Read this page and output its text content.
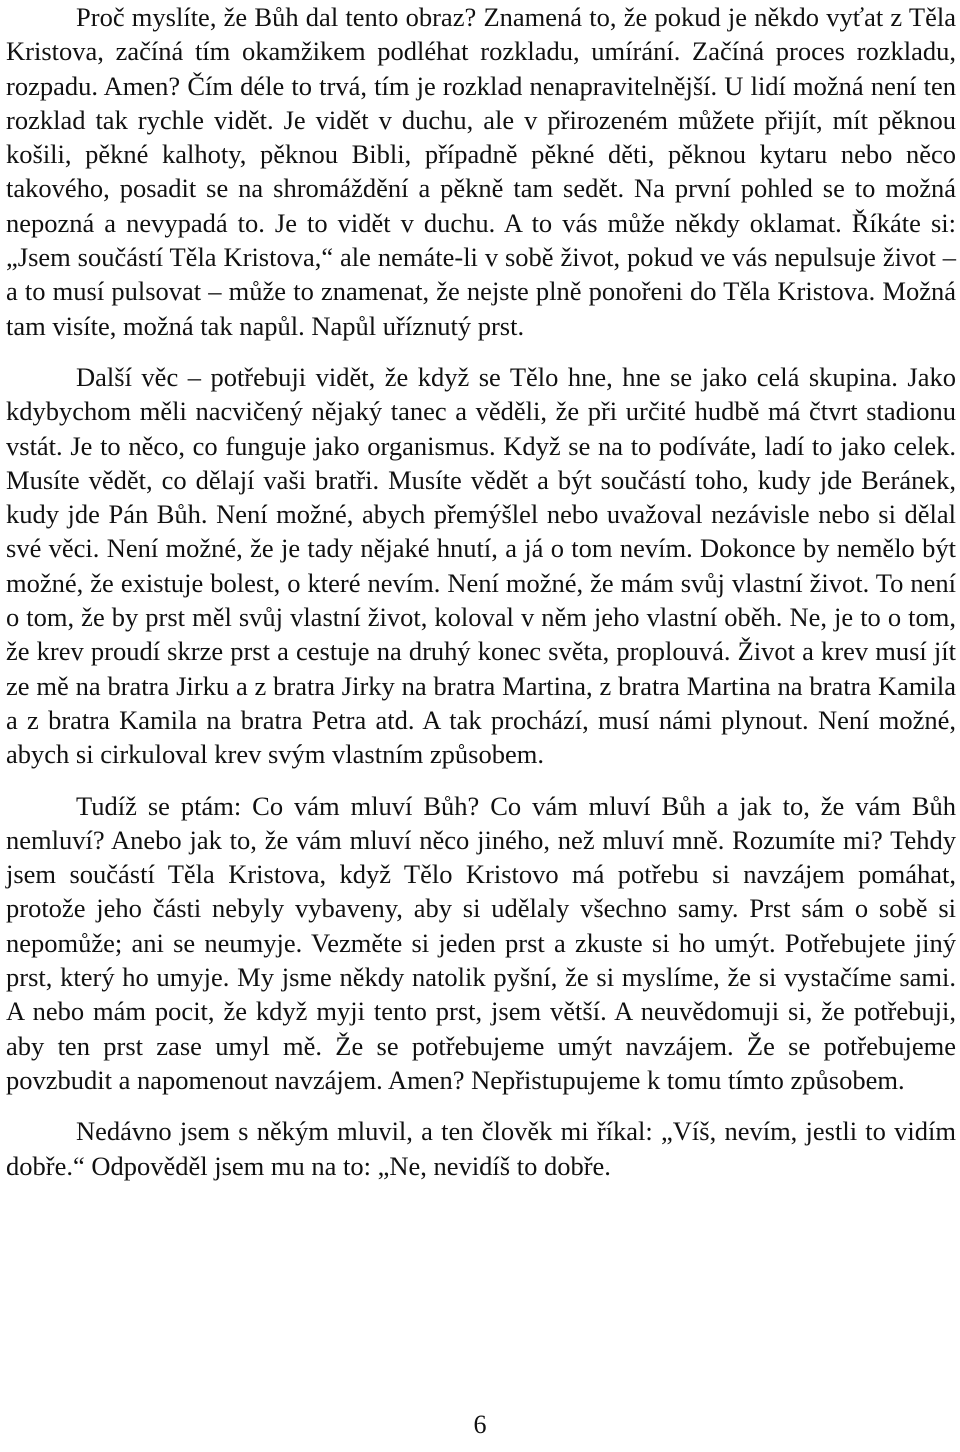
Proč myslíte, že Bůh dal tento obraz? Znamená to, že pokud je někdo vyťat z Těla Kristova, začíná tím okamžikem podléhat rozkladu, umírání. Začíná proces rozkladu, rozpadu. Amen? Čím déle to trvá, tím je rozklad nenapravitelnější. U lidí možná není ten rozklad tak rychle vidět. Je vidět v duchu, ale v přirozeném můžete přijít, mít pěknou košili, pěkné kalhoty, pěknou Bibli, případně pěkné děti, pěknou kytaru nebo něco takového, posadit se na shromáždění a pěkně tam sedět. Na první pohled se to možná nepozná a nevypadá to. Je to vidět v duchu. A to vás může někdy oklamat. Říkáte si: „Jsem součástí Těla Kristova,“ ale nemáte-li v sobě život, pokud ve vás nepulsuje život – a to musí pulsovat – může to znamenat, že nejste plně ponořeni do Těla Kristova. Možná tam visíte, možná tak napůl. Napůl uříznutý prst.

Další věc – potřebuji vidět, že když se Tělo hne, hne se jako celá skupina. Jako kdybychom měli nacvičený nějaký tanec a věděli, že při určité hudbě má čtvrt stadionu vstát. Je to něco, co funguje jako organismus. Když se na to podíváte, ladí to jako celek. Musíte vědět, co dělají vaši bratři. Musíte vědět a být součástí toho, kudy jde Beránek, kudy jde Pán Bůh. Není možné, abych přemýšlel nebo uvažoval nezávisle nebo si dělal své věci. Není možné, že je tady nějaké hnutí, a já o tom nevím. Dokonce by nemělo být možné, že existuje bolest, o které nevím. Není možné, že mám svůj vlastní život. To není o tom, že by prst měl svůj vlastní život, koloval v něm jeho vlastní oběh. Ne, je to o tom, že krev proudí skrze prst a cestuje na druhý konec světa, proplouvá. Život a krev musí jít ze mě na bratra Jirku a z bratra Jirky na bratra Martina, z bratra Martina na bratra Kamila a z bratra Kamila na bratra Petra atd. A tak prochází, musí námi plynout. Není možné, abych si cirkuloval krev svým vlastním způsobem.

Tudíž se ptám: Co vám mluví Bůh? Co vám mluví Bůh a jak to, že vám Bůh nemluví? Anebo jak to, že vám mluví něco jiného, než mluví mně. Rozumíte mi? Tehdy jsem součástí Těla Kristova, když Tělo Kristovo má potřebu si navzájem pomáhat, protože jeho části nebyly vybaveny, aby si udělaly všechno samy. Prst sám o sobě si nepomůže; ani se neumyje. Vezměte si jeden prst a zkuste si ho umýt. Potřebujete jiný prst, který ho umyje. My jsme někdy natolik pyšní, že si myslíme, že si vystačíme sami. A nebo mám pocit, že když myji tento prst, jsem větší. A neuvědomuji si, že potřebuji, aby ten prst zase umyl mě. Že se potřebujeme umýt navzájem. Že se potřebujeme povzbudit a napomenout navzájem. Amen? Nepřistupujeme k tomu tímto způsobem.

Nedávno jsem s někým mluvil, a ten člověk mi říkal: „Víš, nevím, jestli to vidím dobře.“ Odpověděl jsem mu na to: „Ne, nevidíš to dobře.

6
